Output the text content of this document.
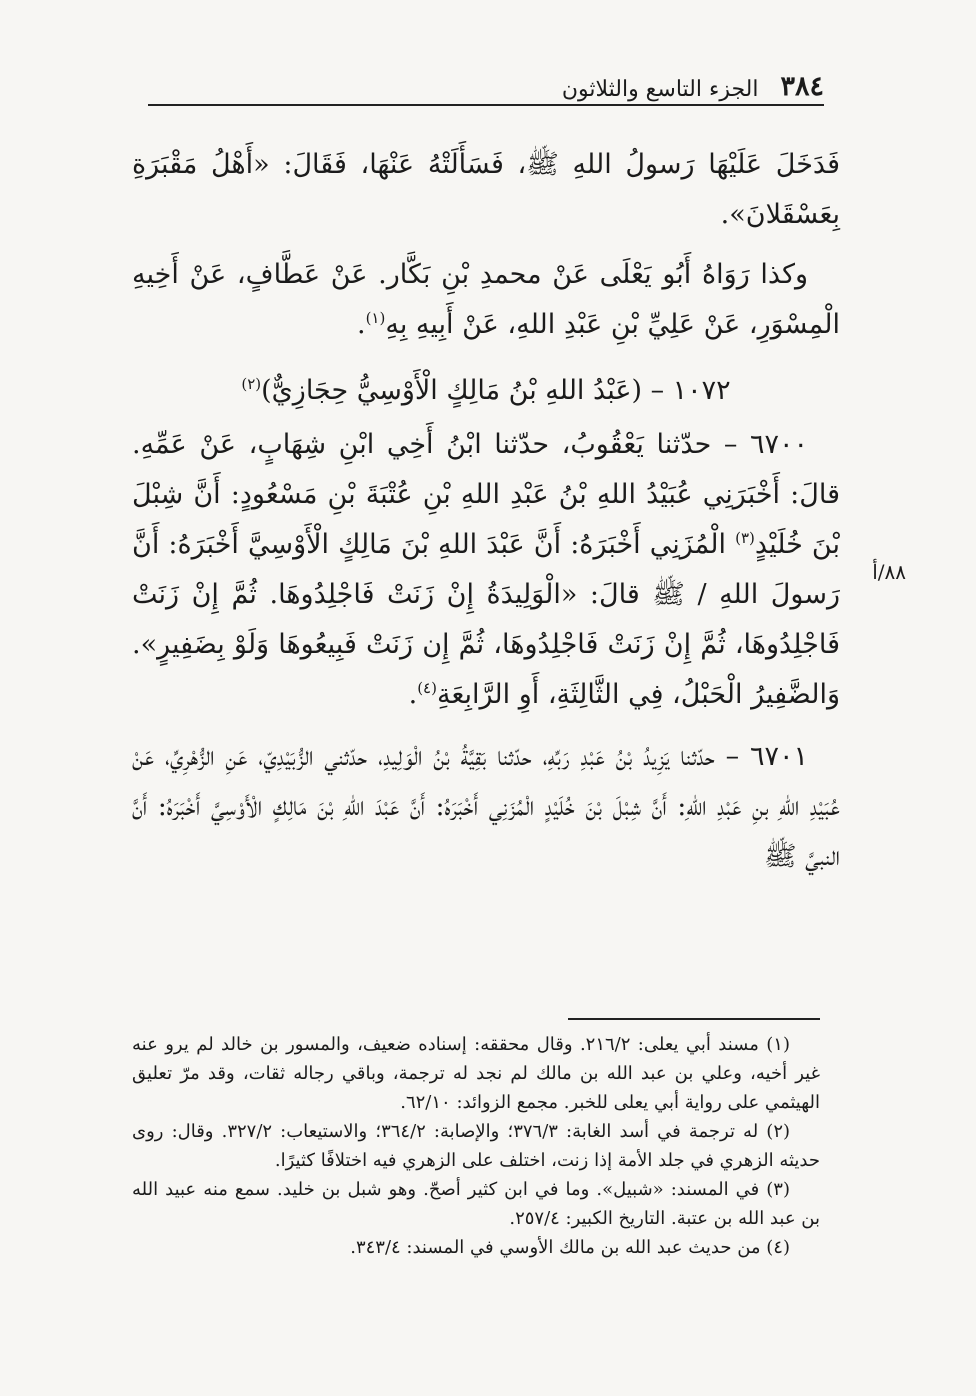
٣٨٤
الجزء التاسع والثلاثون
٨٨/أ

فَدَخَلَ عَلَيْهَا رَسولُ اللهِ ﷺ، فَسَأَلَتْهُ عَنْهَا، فَقَالَ: «أَهْلُ مَقْبَرَةِ بِعَسْقَلانَ».

وكذا رَوَاهُ أَبُو يَعْلَى عَنْ محمدِ بْنِ بَكَّار. عَنْ عَطَّافٍ، عَنْ أَخِيهِ الْمِسْوَرِ، عَنْ عَلِيِّ بْنِ عَبْدِ اللهِ، عَنْ أَبِيهِ بِهِ$^{(١)}$.

١٠٧٢ – (عَبْدُ اللهِ بْنُ مَالِكٍ الْأَوْسِيُّ حِجَازِيٌّ)$^{(٢)}$

٦٧٠٠ – حدّثنا يَعْقُوبُ، حدّثنا ابْنُ أَخِي ابْنِ شِهَابٍ، عَنْ عَمِّهِ. قالَ: أَخْبَرَنِي عُبَيْدُ اللهِ بْنُ عَبْدِ اللهِ بْنِ عُتْبَةَ بْنِ مَسْعُودٍ: أَنَّ شِبْلَ بْنَ خُلَيْدٍ$^{(٣)}$ الْمُزَنِي أَخْبَرَهُ: أَنَّ عَبْدَ اللهِ بْنَ مَالِكٍ الْأَوْسِيَّ أَخْبَرَهُ: أَنَّ رَسولَ اللهِ / ﷺ قالَ: «الْوَلِيدَةُ إِنْ زَنَتْ فَاجْلِدُوهَا. ثُمَّ إِنْ زَنَتْ فَاجْلِدُوهَا، ثُمَّ إِنْ زَنَتْ فَاجْلِدُوهَا، ثُمَّ إِن زَنَتْ فَبِيعُوهَا وَلَوْ بِضَفِيرٍ». وَالضَّفِيرُ الْحَبْلُ، فِي الثَّالِثَةِ، أَوِ الرَّابِعَةِ$^{(٤)}$.

٦٧٠١ – حدّثنا يَزِيدُ بْنُ عَبْدِ رَبِّهِ، حدّثنا بَقِيَّةُ بْنُ الْوَلِيدِ، حدّثني الزُّبَيْدِيّ، عَنِ الزُّهْرِيِّ، عَنْ عُبَيْدِ اللهِ بنِ عَبْدِ اللهِ: أَنَّ شِبْلَ بْنَ خُلَيْدٍ الْمُزَنِي أَخْبَرَهُ: أَنَّ عَبْدَ اللهِ بْنَ مَالِكٍ الْأَوْسِيَّ أَخْبَرَهُ: أَنَّ النبيَّ ﷺ

(١) مسند أبي يعلى: ٢١٦/٢. وقال محققه: إسناده ضعيف، والمسور بن خالد لم يرو عنه غير أخيه، وعلي بن عبد الله بن مالك لم نجد له ترجمة، وباقي رجاله ثقات، وقد مرّ تعليق الهيثمي على رواية أبي يعلى للخبر. مجمع الزوائد: ٦٢/١٠.

(٢) له ترجمة في أسد الغابة: ٣٧٦/٣؛ والإصابة: ٣٦٤/٢؛ والاستيعاب: ٣٢٧/٢. وقال: روى حديثه الزهري في جلد الأمة إذا زنت، اختلف على الزهري فيه اختلافًا كثيرًا.

(٣) في المسند: «شبيل». وما في ابن كثير أصحّ. وهو شبل بن خليد. سمع منه عبيد الله بن عبد الله بن عتبة. التاريخ الكبير: ٢٥٧/٤.

(٤) من حديث عبد الله بن مالك الأوسي في المسند: ٣٤٣/٤.
